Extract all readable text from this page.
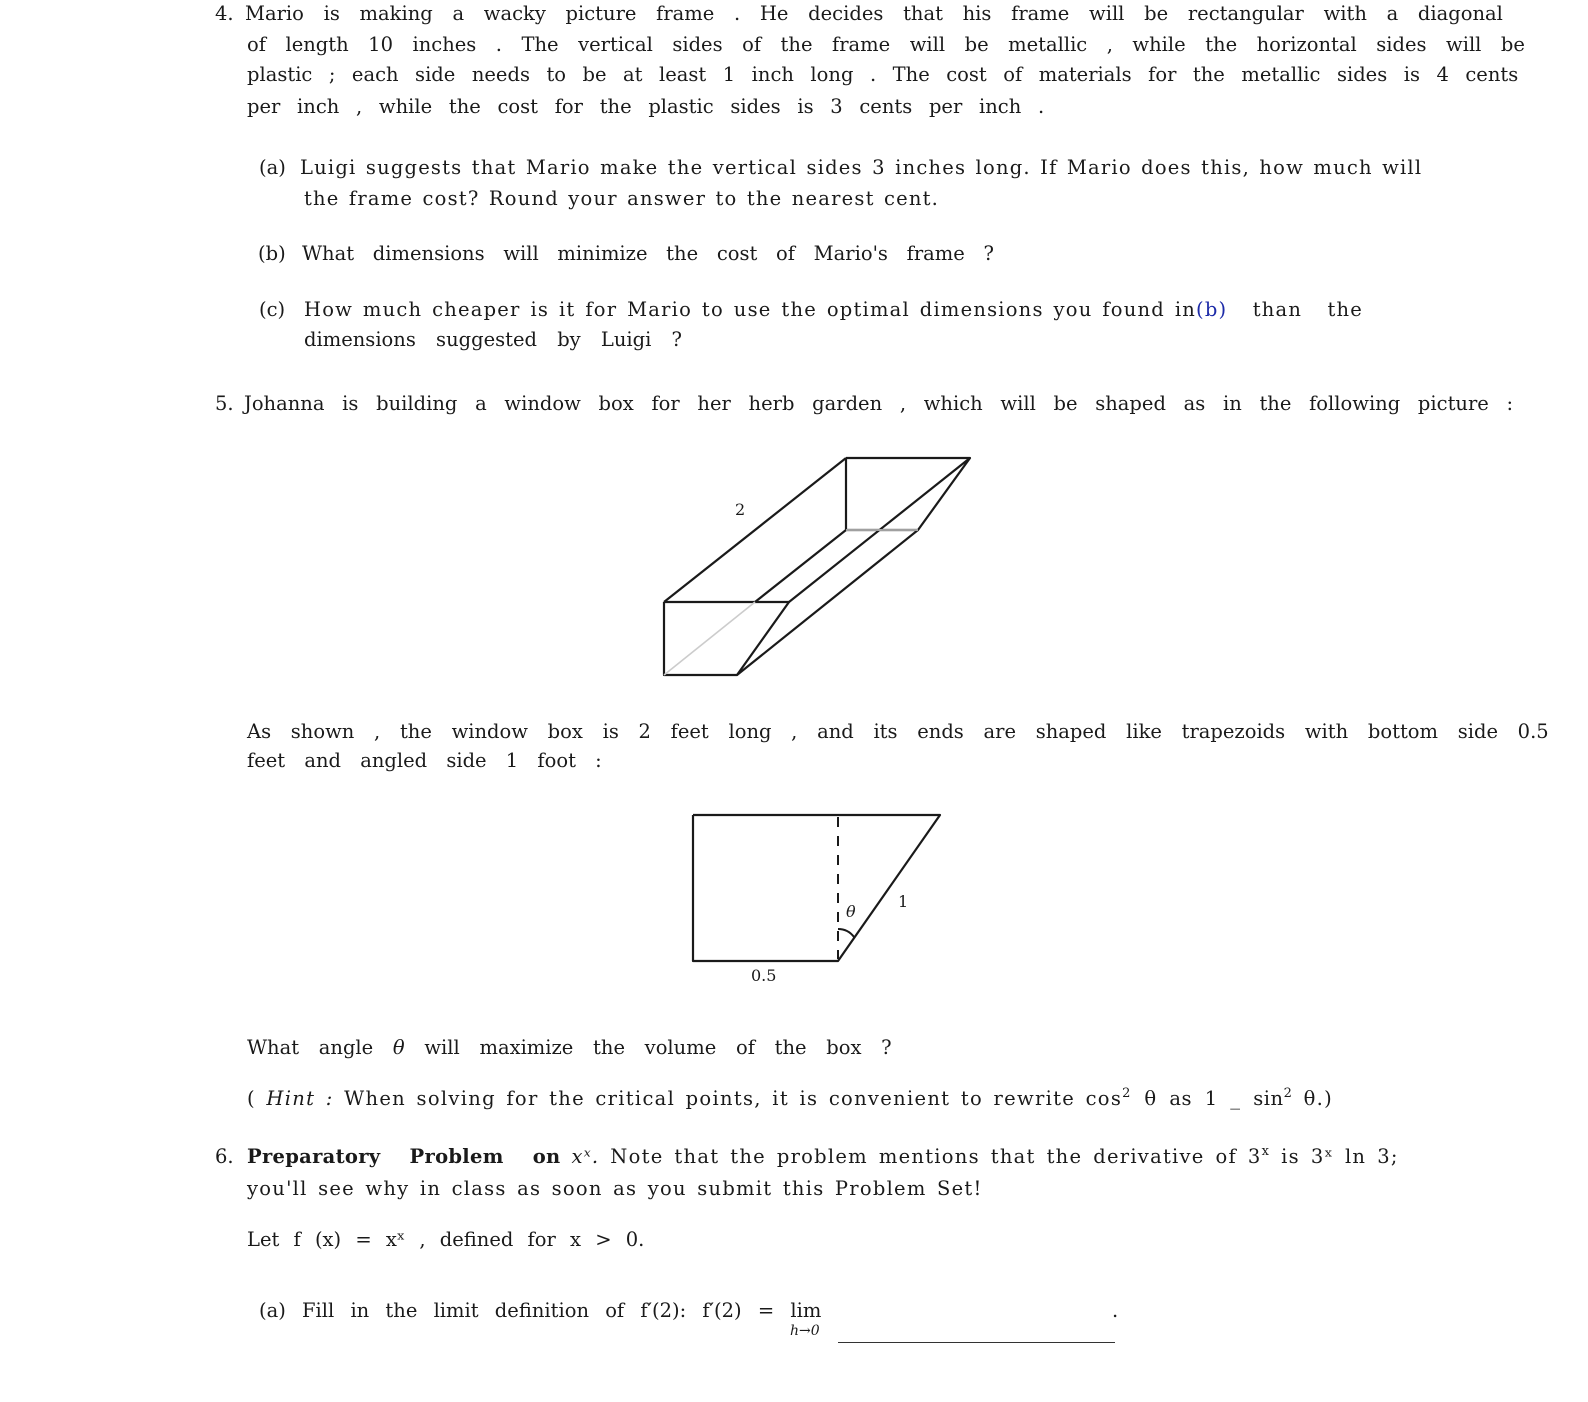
4. Mario is making a wacky picture frame . He decides that his frame will be rectangular with a diagonal
of length 10 inches . The vertical sides of the frame will be metallic , while the horizontal sides will be
plastic ; each side needs to be at least 1 inch long . The cost of materials for the metallic sides is 4 cents
per inch , while the cost for the plastic sides is 3 cents per inch .
(a) Luigi suggests that Mario make the vertical sides 3 inches long. If Mario does this, how much will
the frame cost? Round your answer to the nearest cent.
(b) What dimensions will minimize the cost of Mario's frame ?
(c) How much cheaper is it for Mario to use the optimal dimensions you found in(b) than the
dimensions suggested by Luigi ?
5. Johanna is building a window box for her herb garden , which will be shaped as in the following picture :
2
As shown , the window box is 2 feet long , and its ends are shaped like trapezoids with bottom side 0.5
feet and angled side 1 foot :
θ
1
0.5
What angle θ will maximize the volume of the box ?
( Hint : When solving for the critical points, it is convenient to rewrite $\cos^2 \theta$ as 1 _ $\sin^2 \theta$.)
6. Preparatory Problem on xˣ. Note that the problem mentions that the derivative of 3$^x$ is 3ˣ ln 3;
you'll see why in class as soon as you submit this Problem Set!
Let f (x) = xˣ , defined for x > 0.
(a) Fill in the limit definition of f′(2): f′(2) = lim
h→0
.
